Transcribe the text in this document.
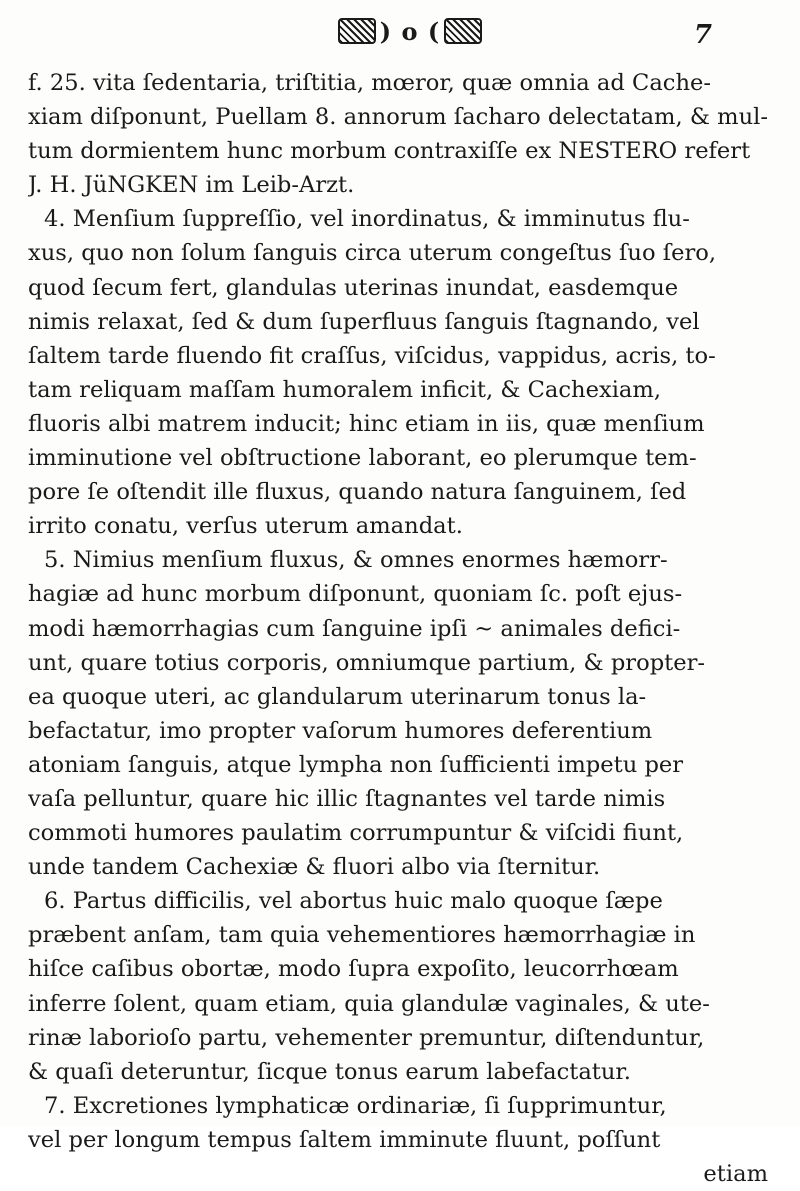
) o (	7
f. 25. vita ſedentaria, triſtitia, mœror, quæ omnia ad Cache-
xiam diſponunt, Puellam 8. annorum ſacharo delectatam, & mul-
tum dormientem hunc morbum contraxiſſe ex NESTERO refert
J. H. JüNGKEN im Leib-Arzt.
4. Menſium ſuppreſſio, vel inordinatus, & imminutus flu-
xus, quo non ſolum ſanguis circa uterum congeſtus ſuo ſero,
quod ſecum fert, glandulas uterinas inundat, easdemque
nimis relaxat, ſed & dum ſuperfluus ſanguis ſtagnando, vel
ſaltem tarde fluendo fit craſſus, viſcidus, vappidus, acris, to-
tam reliquam maſſam humoralem inficit, & Cachexiam,
fluoris albi matrem inducit; hinc etiam in iis, quæ menſium
imminutione vel obſtructione laborant, eo plerumque tem-
pore ſe oſtendit ille fluxus, quando natura ſanguinem, ſed
irrito conatu, verſus uterum amandat.
5. Nimius menſium fluxus, & omnes enormes hæmorr-
hagiæ ad hunc morbum diſponunt, quoniam ſc. poſt ejus-
modi hæmorrhagias cum ſanguine ipſi ~ animales defici-
unt, quare totius corporis, omniumque partium, & propter-
ea quoque uteri, ac glandularum uterinarum tonus la-
befactatur, imo propter vaſorum humores deferentium
atoniam ſanguis, atque lympha non ſufficienti impetu per
vaſa pelluntur, quare hic illic ſtagnantes vel tarde nimis
commoti humores paulatim corrumpuntur & viſcidi fiunt,
unde tandem Cachexiæ & fluori albo via ſternitur.
6. Partus difficilis, vel abortus huic malo quoque ſæpe
præbent anſam, tam quia vehementiores hæmorrhagiæ in
hiſce caſibus obortæ, modo ſupra expoſito, leucorrhœam
inferre ſolent, quam etiam, quia glandulæ vaginales, & ute-
rinæ laborioſo partu, vehementer premuntur, diſtenduntur,
& quaſi deteruntur, ſicque tonus earum labefactatur.
7. Excretiones lymphaticæ ordinariæ, ſi ſupprimuntur,
vel per longum tempus ſaltem imminute fluunt, poſſunt
etiam
